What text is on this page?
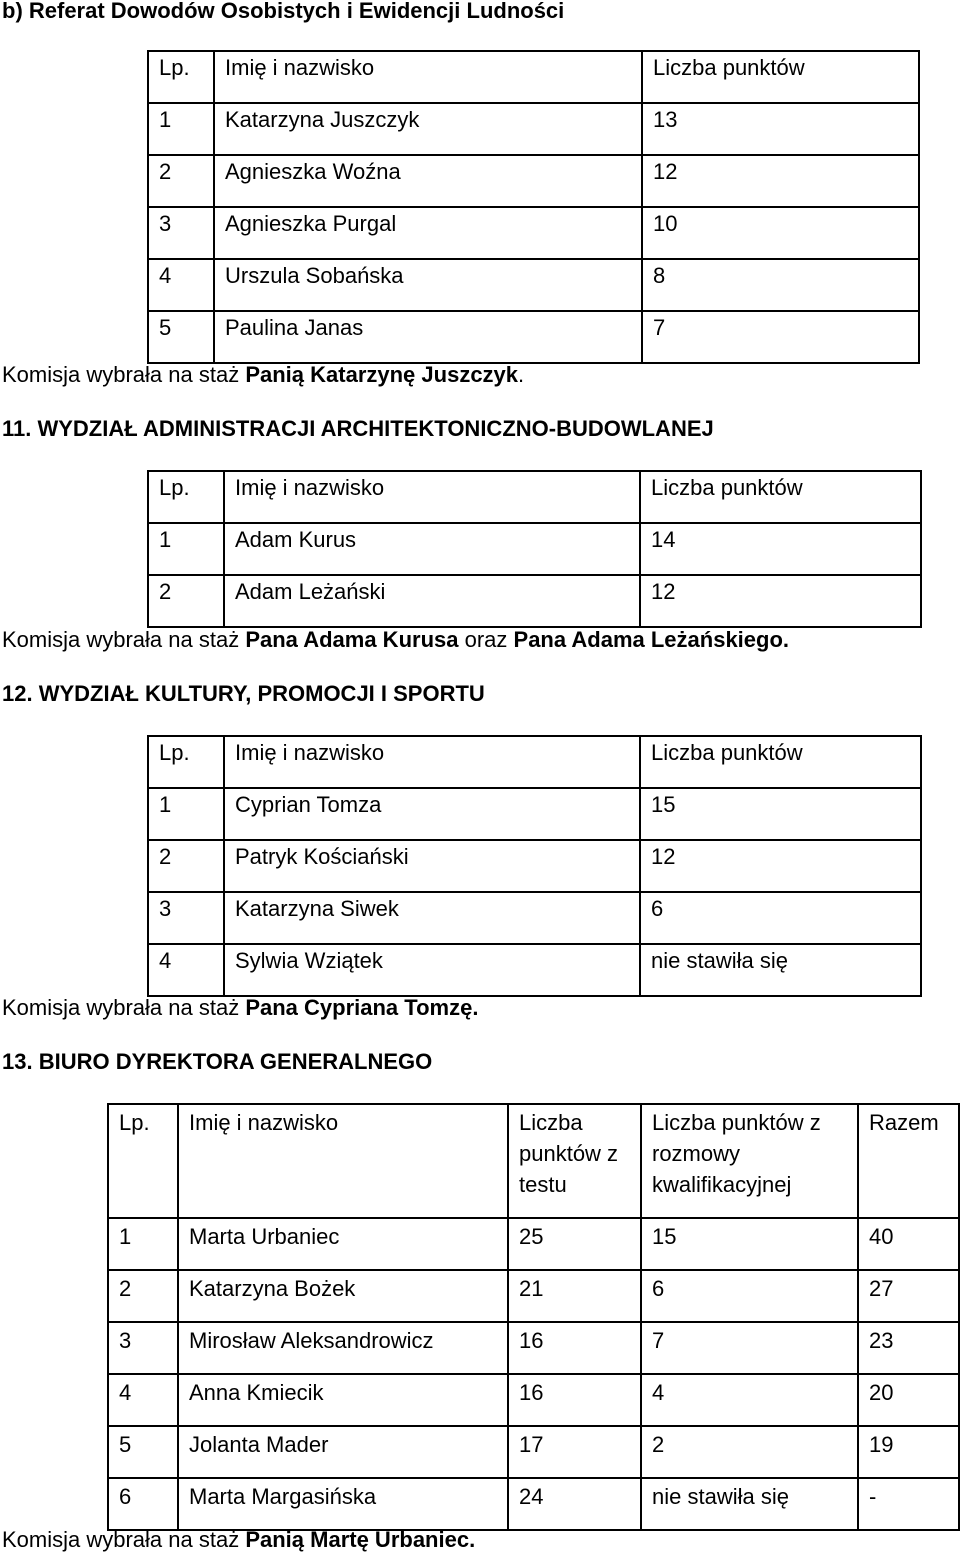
b) Referat Dowodów Osobistych i Ewidencji Ludności
Lp.	Imię i nazwisko	Liczba punktów
1	Katarzyna Juszczyk	13
2	Agnieszka Woźna	12
3	Agnieszka Purgal	10
4	Urszula Sobańska	8
5	Paulina Janas	7
Komisja wybrała na staż Panią Katarzynę Juszczyk.
11. WYDZIAŁ ADMINISTRACJI ARCHITEKTONICZNO-BUDOWLANEJ
Lp.	Imię i nazwisko	Liczba punktów
1	Adam Kurus	14
2	Adam Leżański	12
Komisja wybrała na staż Pana Adama Kurusa oraz Pana Adama Leżańskiego.
12. WYDZIAŁ KULTURY, PROMOCJI I SPORTU
Lp.	Imię i nazwisko	Liczba punktów
1	Cyprian Tomza	15
2	Patryk Kościański	12
3	Katarzyna Siwek	6
4	Sylwia Wziątek	nie stawiła się
Komisja wybrała na staż Pana Cypriana Tomzę.
13. BIURO DYREKTORA GENERALNEGO
Lp.	Imię i nazwisko	Liczba punktów z testu	Liczba punktów z rozmowy kwalifikacyjnej	Razem
1	Marta Urbaniec	25	15	40
2	Katarzyna Bożek	21	6	27
3	Mirosław Aleksandrowicz	16	7	23
4	Anna Kmiecik	16	4	20
5	Jolanta Mader	17	2	19
6	Marta Margasińska	24	nie stawiła się	-
Komisja wybrała na staż Panią Martę Urbaniec.
